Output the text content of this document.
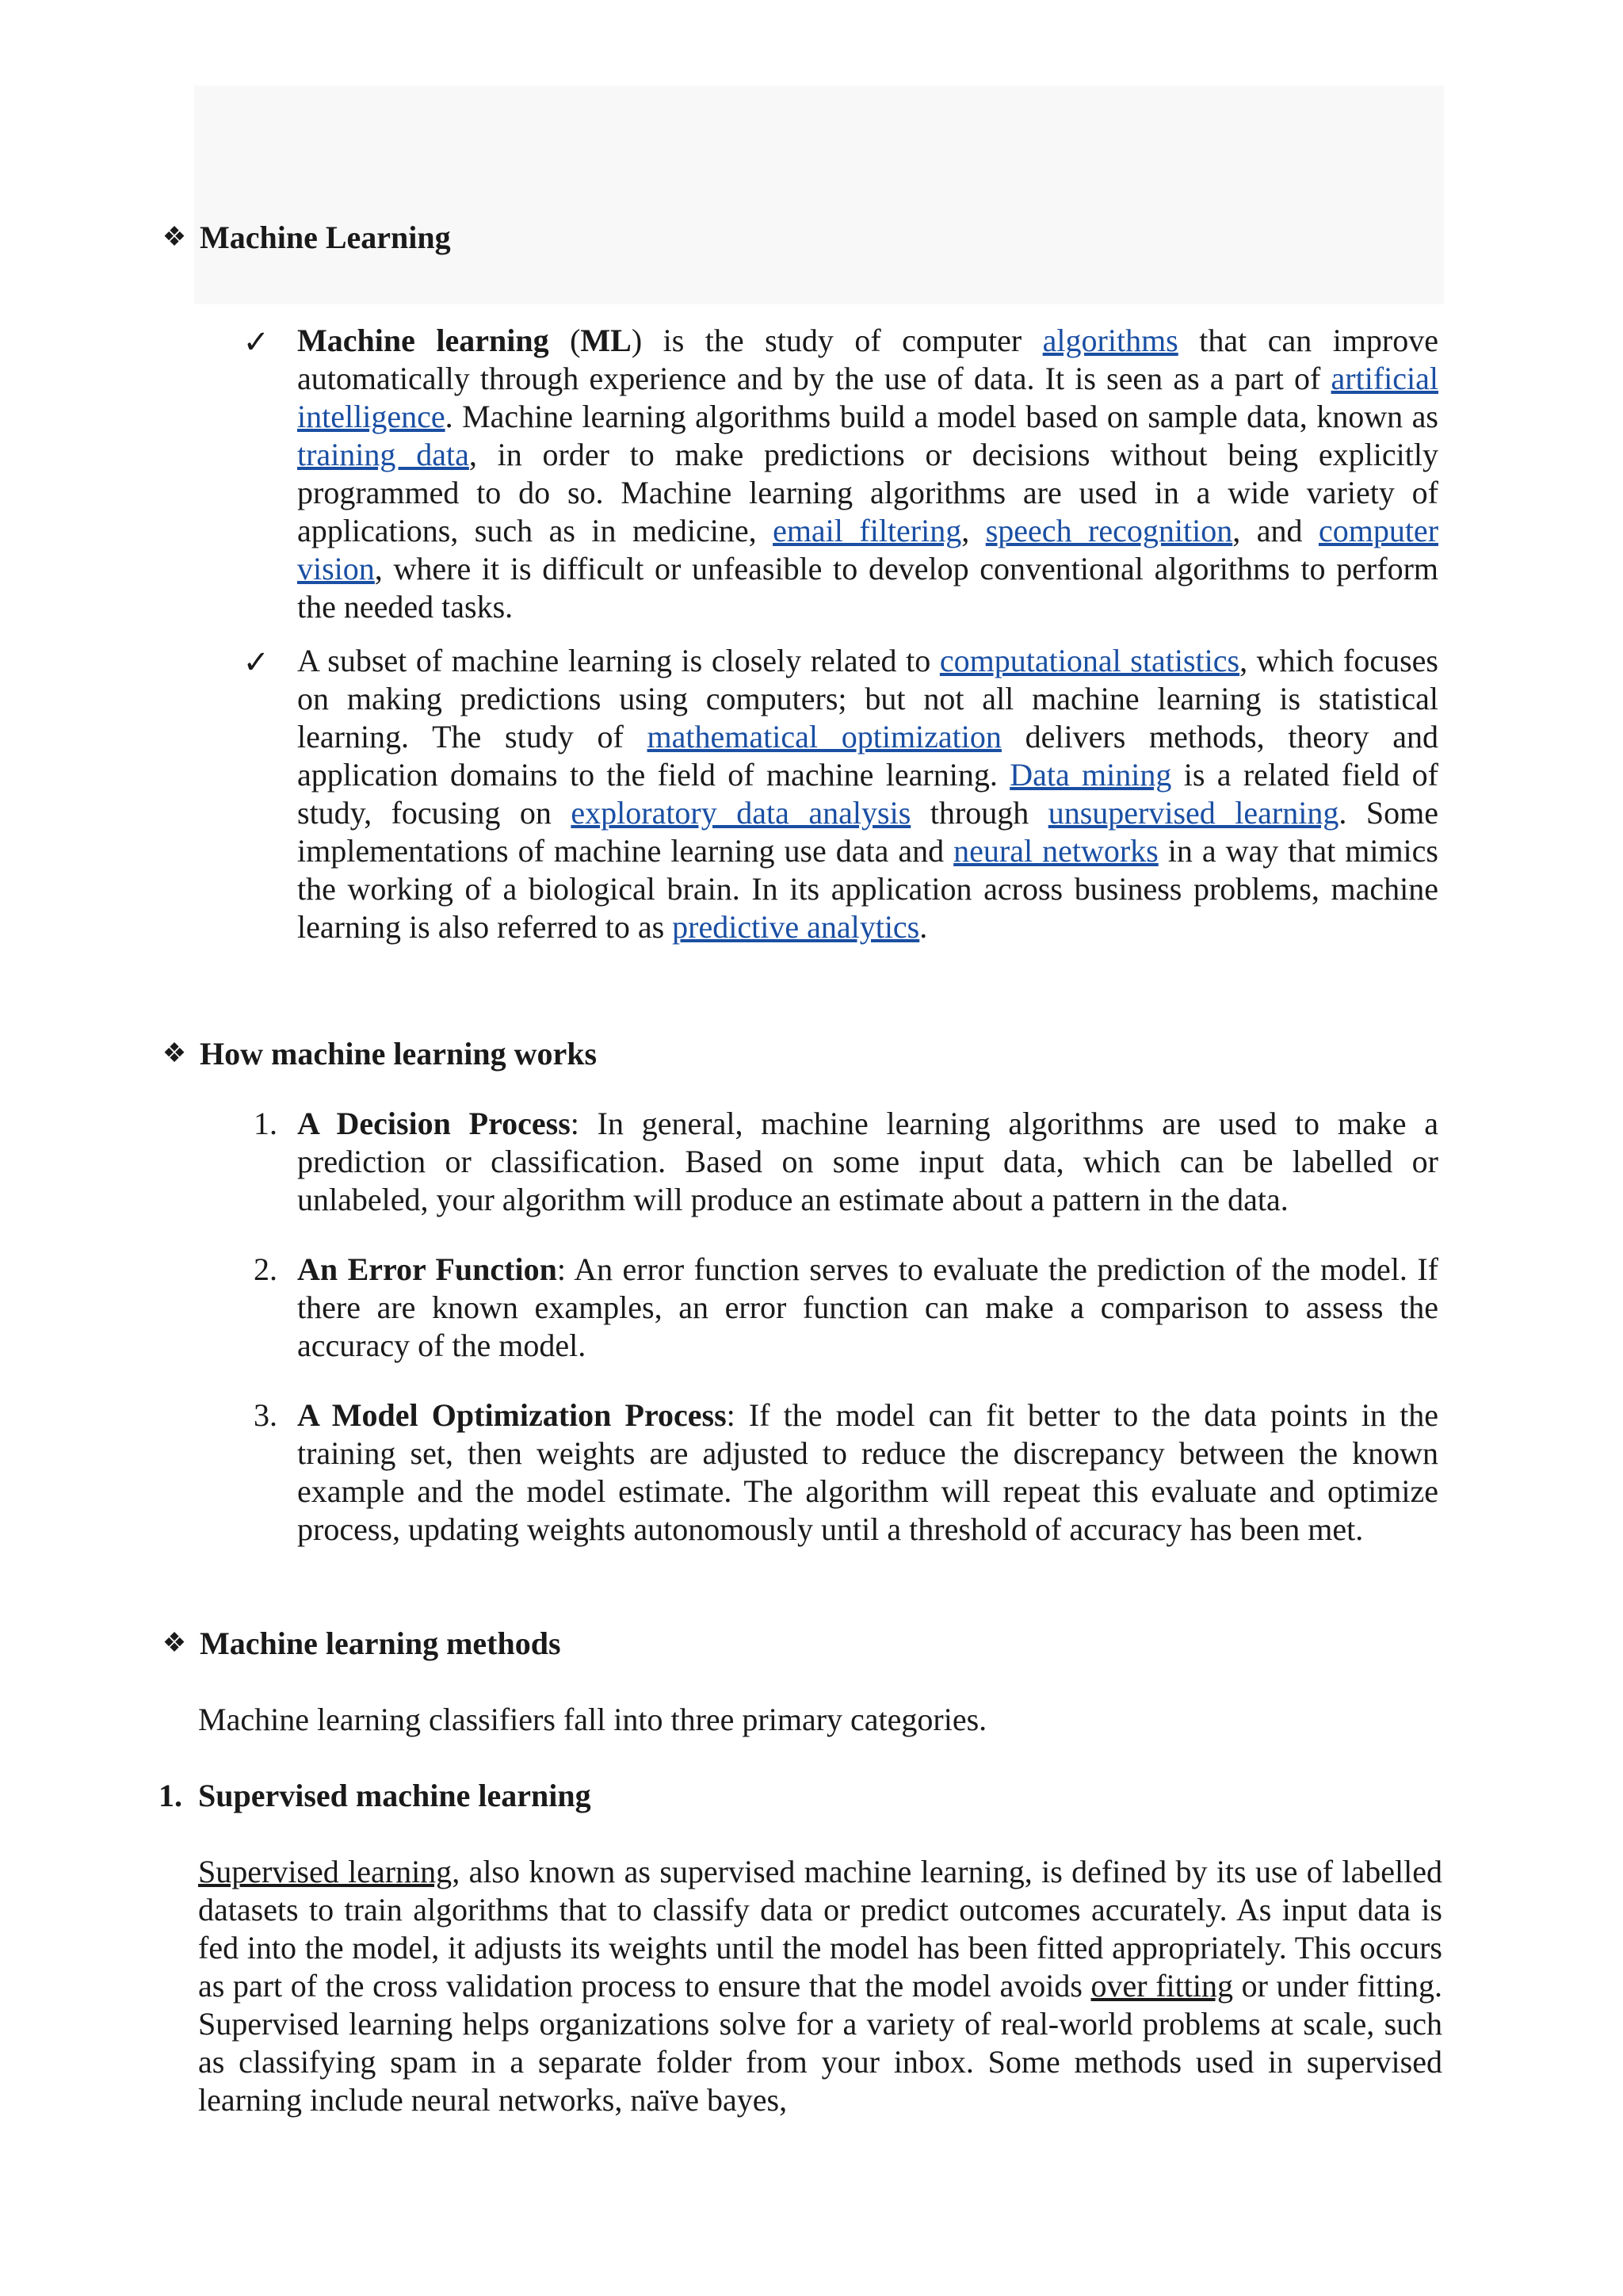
❖ Machine Learning
✓ Machine learning (ML) is the study of computer algorithms that can improve automatically through experience and by the use of data. It is seen as a part of artificial intelligence. Machine learning algorithms build a model based on sample data, known as training data, in order to make predictions or decisions without being explicitly programmed to do so. Machine learning algorithms are used in a wide variety of applications, such as in medicine, email filtering, speech recognition, and computer vision, where it is difficult or unfeasible to develop conventional algorithms to perform the needed tasks.
✓ A subset of machine learning is closely related to computational statistics, which focuses on making predictions using computers; but not all machine learning is statistical learning. The study of mathematical optimization delivers methods, theory and application domains to the field of machine learning. Data mining is a related field of study, focusing on exploratory data analysis through unsupervised learning. Some implementations of machine learning use data and neural networks in a way that mimics the working of a biological brain. In its application across business problems, machine learning is also referred to as predictive analytics.
❖ How machine learning works
1. A Decision Process: In general, machine learning algorithms are used to make a prediction or classification. Based on some input data, which can be labelled or unlabeled, your algorithm will produce an estimate about a pattern in the data.
2. An Error Function: An error function serves to evaluate the prediction of the model. If there are known examples, an error function can make a comparison to assess the accuracy of the model.
3. A Model Optimization Process: If the model can fit better to the data points in the training set, then weights are adjusted to reduce the discrepancy between the known example and the model estimate. The algorithm will repeat this evaluate and optimize process, updating weights autonomously until a threshold of accuracy has been met.
❖ Machine learning methods
Machine learning classifiers fall into three primary categories.
1. Supervised machine learning
Supervised learning, also known as supervised machine learning, is defined by its use of labelled datasets to train algorithms that to classify data or predict outcomes accurately. As input data is fed into the model, it adjusts its weights until the model has been fitted appropriately. This occurs as part of the cross validation process to ensure that the model avoids over fitting or under fitting. Supervised learning helps organizations solve for a variety of real-world problems at scale, such as classifying spam in a separate folder from your inbox. Some methods used in supervised learning include neural networks, naïve bayes,
